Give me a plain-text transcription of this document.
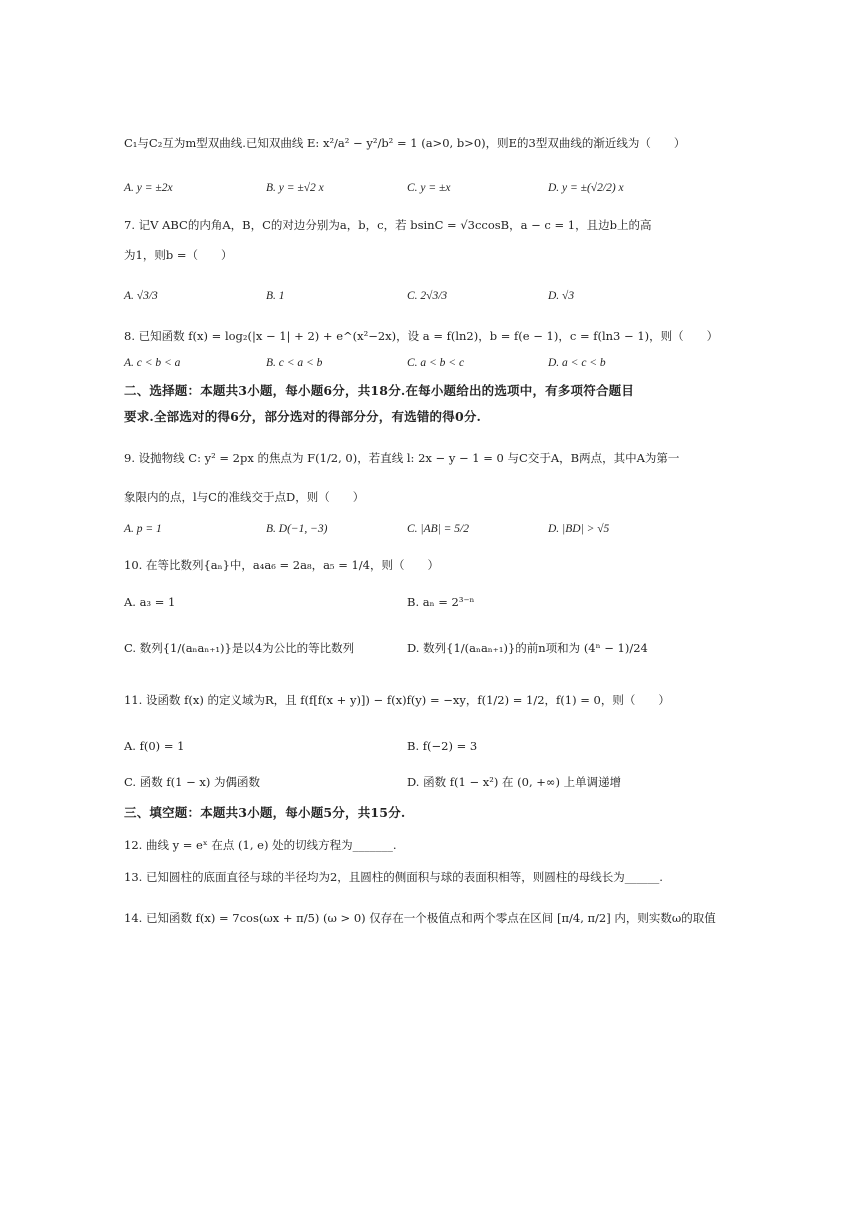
C₁与C₂互为m型双曲线.已知双曲线 E: x²/a² − y²/b² = 1 (a>0, b>0)，则E的3型双曲线的渐近线为（　　）
A. y = ±2x	B. y = ±√2 x	C. y = ±x	D. y = ±(√2/2) x
7. 记V ABC的内角A，B，C的对边分别为a，b，c，若 bsinC = √3ccosB，a − c = 1，且边b上的高
为1，则b =（　　）
A. √3/3	B. 1	C. 2√3/3	D. √3
8. 已知函数 f(x) = log₂(|x − 1| + 2) + e^(x²−2x)，设 a = f(ln2)，b = f(e − 1)，c = f(ln3 − 1)，则（　　）
A. c < b < a	B. c < a < b	C. a < b < c	D. a < c < b
二、选择题：本题共3小题，每小题6分，共18分.在每小题给出的选项中，有多项符合题目
要求.全部选对的得6分，部分选对的得部分分，有选错的得0分.
9. 设抛物线 C: y² = 2px 的焦点为 F(1/2, 0)，若直线 l: 2x − y − 1 = 0 与C交于A，B两点，其中A为第一
象限内的点，l与C的准线交于点D，则（　　）
A. p = 1	B. D(−1, −3)	C. |AB| = 5/2	D. |BD| > √5
10. 在等比数列{aₙ}中，a₄a₆ = 2a₈，a₅ = 1/4，则（　　）
A. a₃ = 1	B. aₙ = 2³⁻ⁿ
C. 数列{1/(aₙaₙ₊₁)}是以4为公比的等比数列	D. 数列{1/(aₙaₙ₊₁)}的前n项和为 (4ⁿ − 1)/24
11. 设函数 f(x) 的定义域为R，且 f(f[f(x + y)]) − f(x)f(y) = −xy，f(1/2) = 1/2，f(1) = 0，则（　　）
A. f(0) = 1	B. f(−2) = 3
C. 函数 f(1 − x) 为偶函数	D. 函数 f(1 − x²) 在 (0, +∞) 上单调递增
三、填空题：本题共3小题，每小题5分，共15分.
12. 曲线 y = eˣ 在点 (1, e) 处的切线方程为_______.
13. 已知圆柱的底面直径与球的半径均为2，且圆柱的侧面积与球的表面积相等，则圆柱的母线长为______.
14. 已知函数 f(x) = 7cos(ωx + π/5) (ω > 0) 仅存在一个极值点和两个零点在区间 [π/4, π/2] 内，则实数ω的取值
